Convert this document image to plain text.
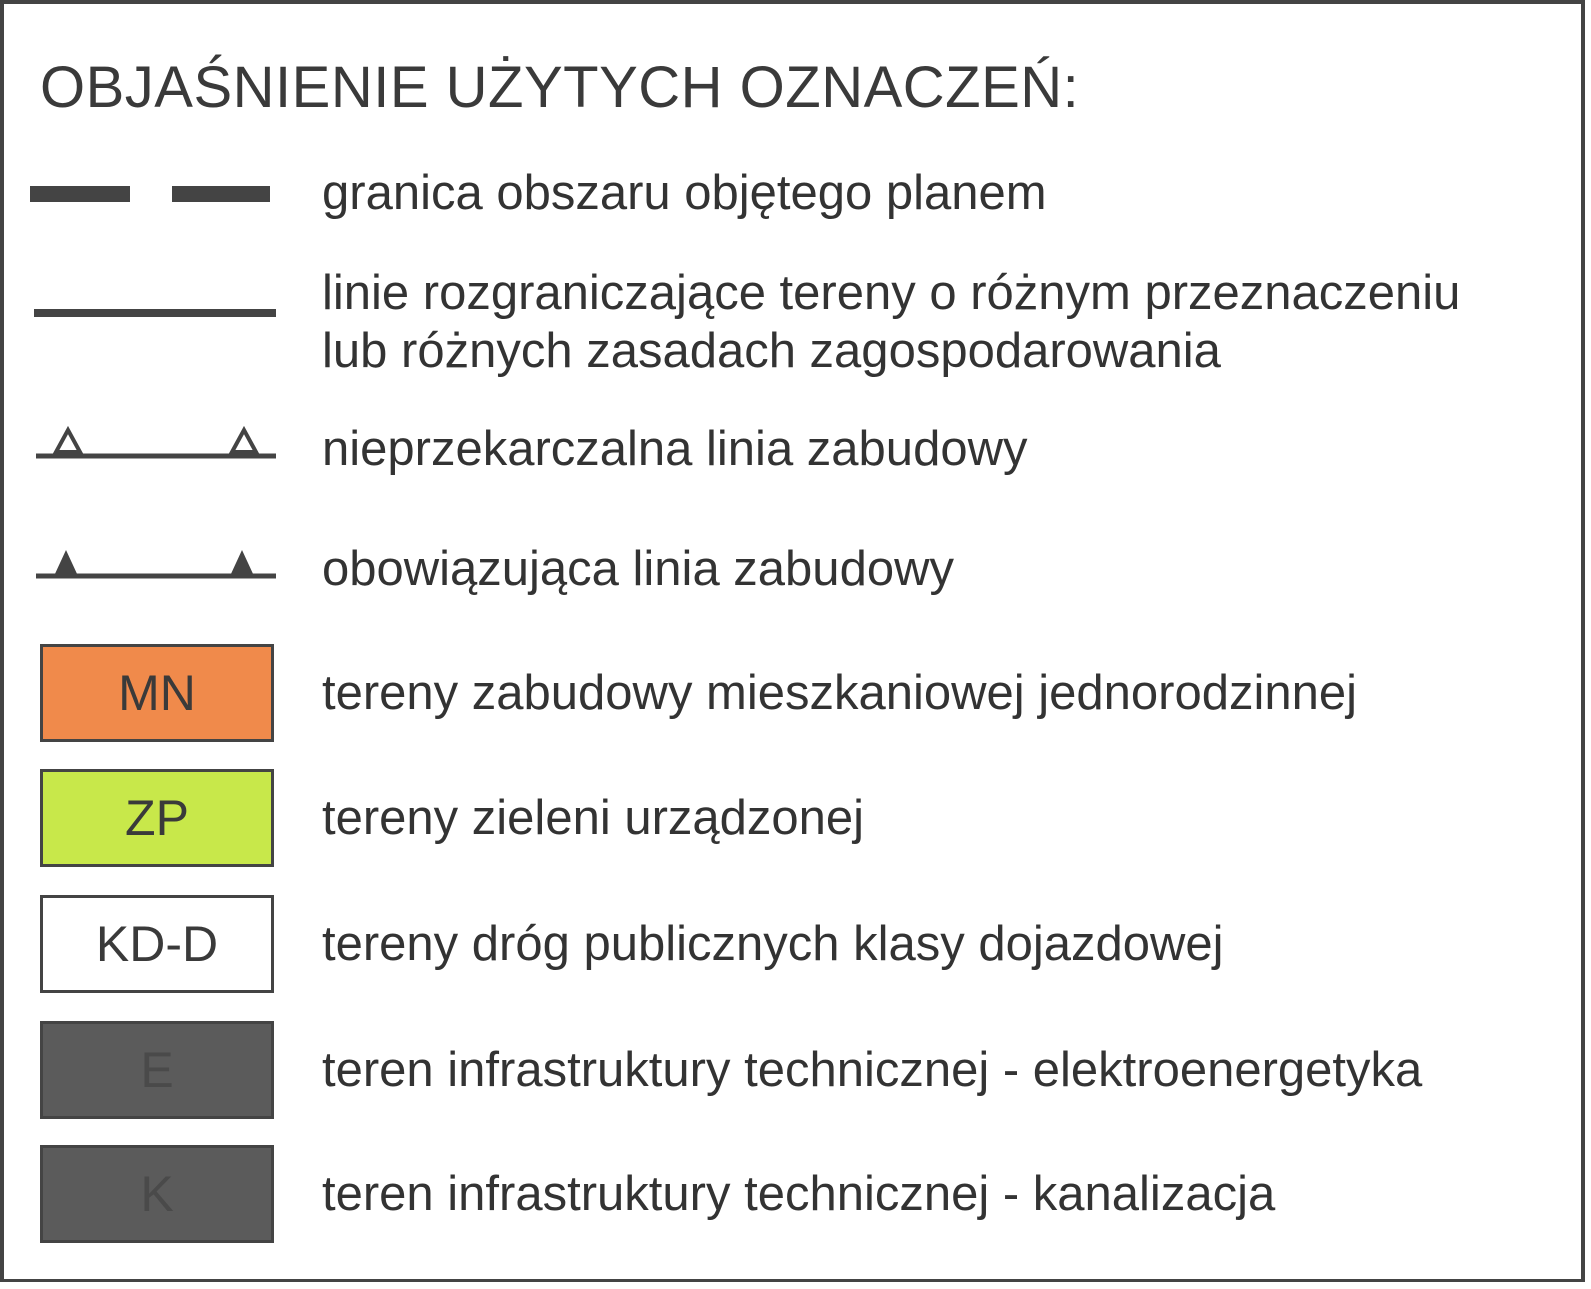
OBJAŚNIENIE UŻYTYCH OZNACZEŃ:
granica obszaru objętego planem
linie rozgraniczające tereny o różnym przeznaczeniu
lub różnych zasadach zagospodarowania
nieprzekarczalna linia zabudowy
obowiązująca linia zabudowy
MN	tereny zabudowy mieszkaniowej jednorodzinnej
ZP	tereny zieleni urządzonej
KD-D tereny dróg publicznych klasy dojazdowej
E	teren infrastruktury technicznej - elektroenergetyka
K	teren infrastruktury technicznej - kanalizacja
